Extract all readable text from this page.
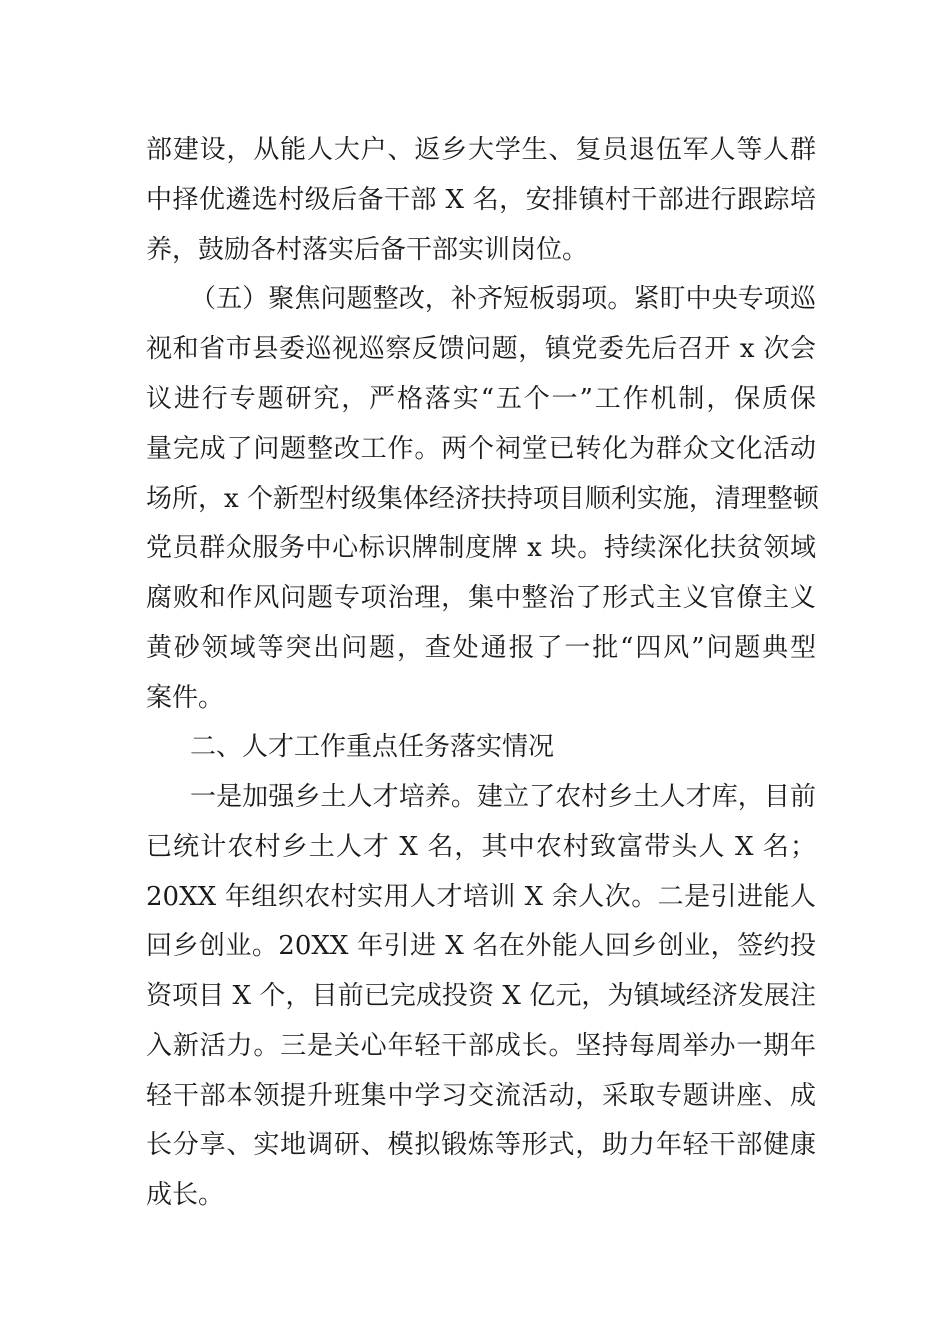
部建设，从能人大户、返乡大学生、复员退伍军人等人群

中择优遴选村级后备干部 X 名，安排镇村干部进行跟踪培

养，鼓励各村落实后备干部实训岗位。

（五）聚焦问题整改，补齐短板弱项。紧盯中央专项巡

视和省市县委巡视巡察反馈问题，镇党委先后召开 x 次会

议进行专题研究，严格落实“五个一”工作机制，保质保

量完成了问题整改工作。两个祠堂已转化为群众文化活动

场所，x 个新型村级集体经济扶持项目顺利实施，清理整顿

党员群众服务中心标识牌制度牌 x 块。持续深化扶贫领域

腐败和作风问题专项治理，集中整治了形式主义官僚主义

黄砂领域等突出问题，查处通报了一批“四风”问题典型

案件。

二、人才工作重点任务落实情况

一是加强乡土人才培养。建立了农村乡土人才库，目前

已统计农村乡土人才 X 名，其中农村致富带头人 X 名；

20XX 年组织农村实用人才培训 X 余人次。二是引进能人

回乡创业。20XX 年引进 X 名在外能人回乡创业，签约投

资项目 X 个，目前已完成投资 X 亿元，为镇域经济发展注

入新活力。三是关心年轻干部成长。坚持每周举办一期年

轻干部本领提升班集中学习交流活动，采取专题讲座、成

长分享、实地调研、模拟锻炼等形式，助力年轻干部健康

成长。
